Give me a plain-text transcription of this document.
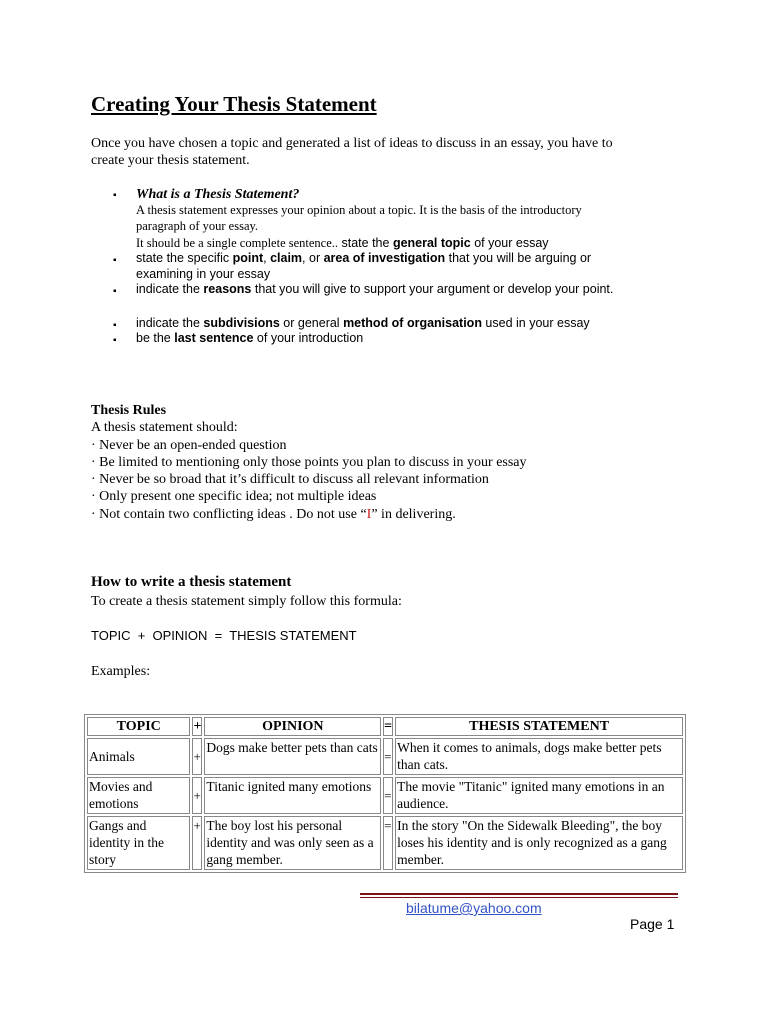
Creating Your Thesis Statement
Once you have chosen a topic and generated a list of ideas to discuss in an essay, you have to
create your thesis statement.
▪ What is a Thesis Statement?
A thesis statement expresses your opinion about a topic. It is the basis of the introductory
paragraph of your essay.
It should be a single complete sentence.. state the general topic of your essay
▪ state the specific point, claim, or area of investigation that you will be arguing or
examining in your essay
▪ indicate the reasons that you will give to support your argument or develop your point.
▪ indicate the subdivisions or general method of organisation used in your essay
▪ be the last sentence of your introduction
Thesis Rules
A thesis statement should:
· Never be an open-ended question
· Be limited to mentioning only those points you plan to discuss in your essay
· Never be so broad that it’s difficult to discuss all relevant information
· Only present one specific idea; not multiple ideas
· Not contain two conflicting ideas . Do not use “I” in delivering.
How to write a thesis statement
To create a thesis statement simply follow this formula:
TOPIC  +  OPINION  =  THESIS STATEMENT
Examples:
TOPIC	+	OPINION	=	THESIS STATEMENT
Animals	+	Dogs make better pets than cats	=	When it comes to animals, dogs make better pets than cats.
Movies and emotions	+	Titanic ignited many emotions	=	The movie "Titanic" ignited many emotions in an audience.
Gangs and identity in the story	+	The boy lost his personal identity and was only seen as a gang member.	=	In the story "On the Sidewalk Bleeding", the boy loses his identity and is only recognized as a gang member.
bilatume@yahoo.com
Page 1
